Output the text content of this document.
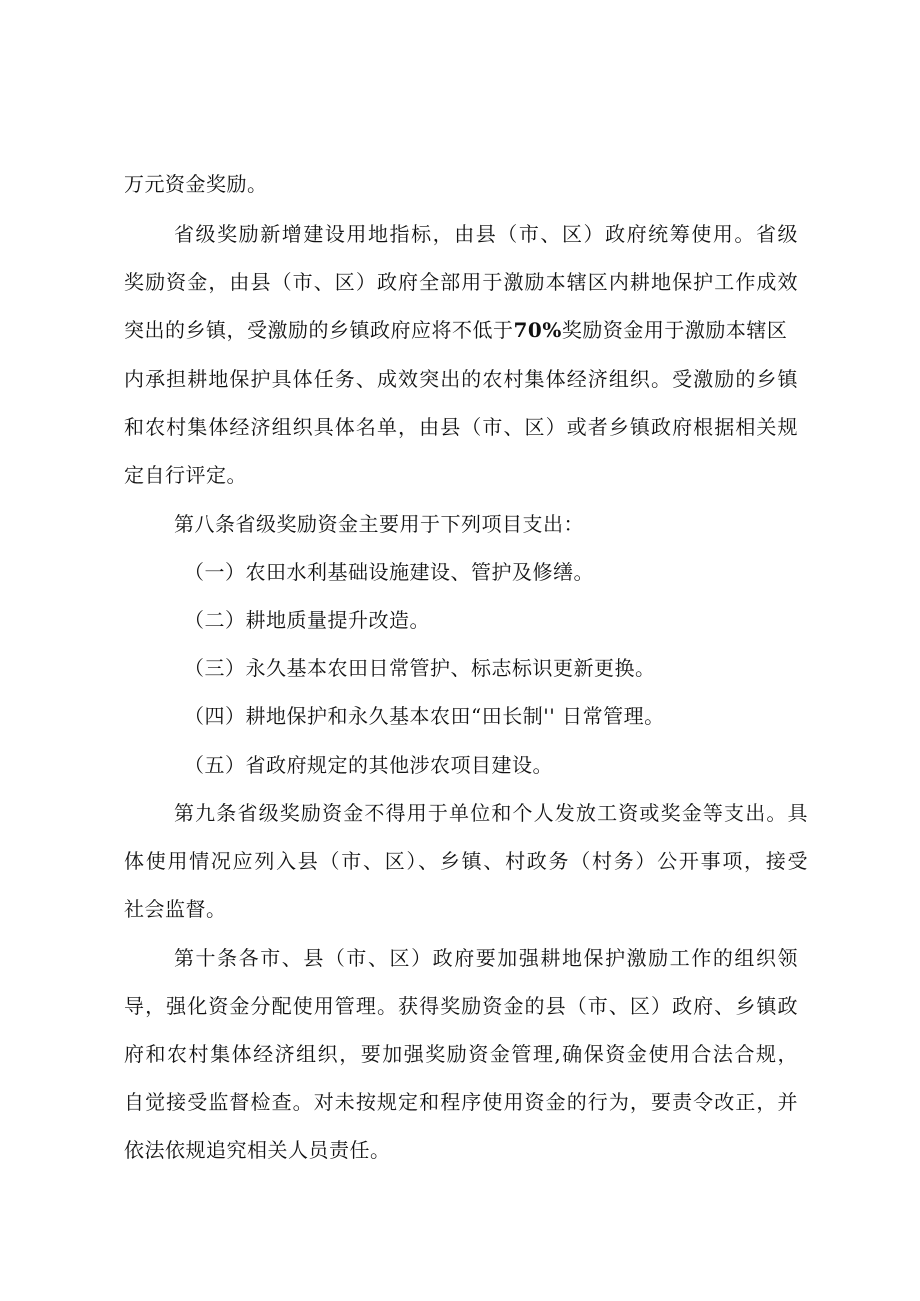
万元资金奖励。
省级奖励新增建设用地指标，由县（市、区）政府统筹使用。省级
奖励资金，由县（市、区）政府全部用于激励本辖区内耕地保护工作成效
突出的乡镇，受激励的乡镇政府应将不低于70%奖励资金用于激励本辖区
内承担耕地保护具体任务、成效突出的农村集体经济组织。受激励的乡镇
和农村集体经济组织具体名单，由县（市、区）或者乡镇政府根据相关规
定自行评定。
第八条省级奖励资金主要用于下列项目支出：
（一）农田水利基础设施建设、管护及修缮。
（二）耕地质量提升改造。
（三）永久基本农田日常管护、标志标识更新更换。
（四）耕地保护和永久基本农田“田长制'' 日常管理。
（五）省政府规定的其他涉农项目建设。
第九条省级奖励资金不得用于单位和个人发放工资或奖金等支出。具
体使用情况应列入县（市、区）、乡镇、村政务（村务）公开事项，接受
社会监督。
第十条各市、县（市、区）政府要加强耕地保护激励工作的组织领
导，强化资金分配使用管理。获得奖励资金的县（市、区）政府、乡镇政
府和农村集体经济组织，要加强奖励资金管理,确保资金使用合法合规，
自觉接受监督检查。对未按规定和程序使用资金的行为，要责令改正，并
依法依规追究相关人员责任。
